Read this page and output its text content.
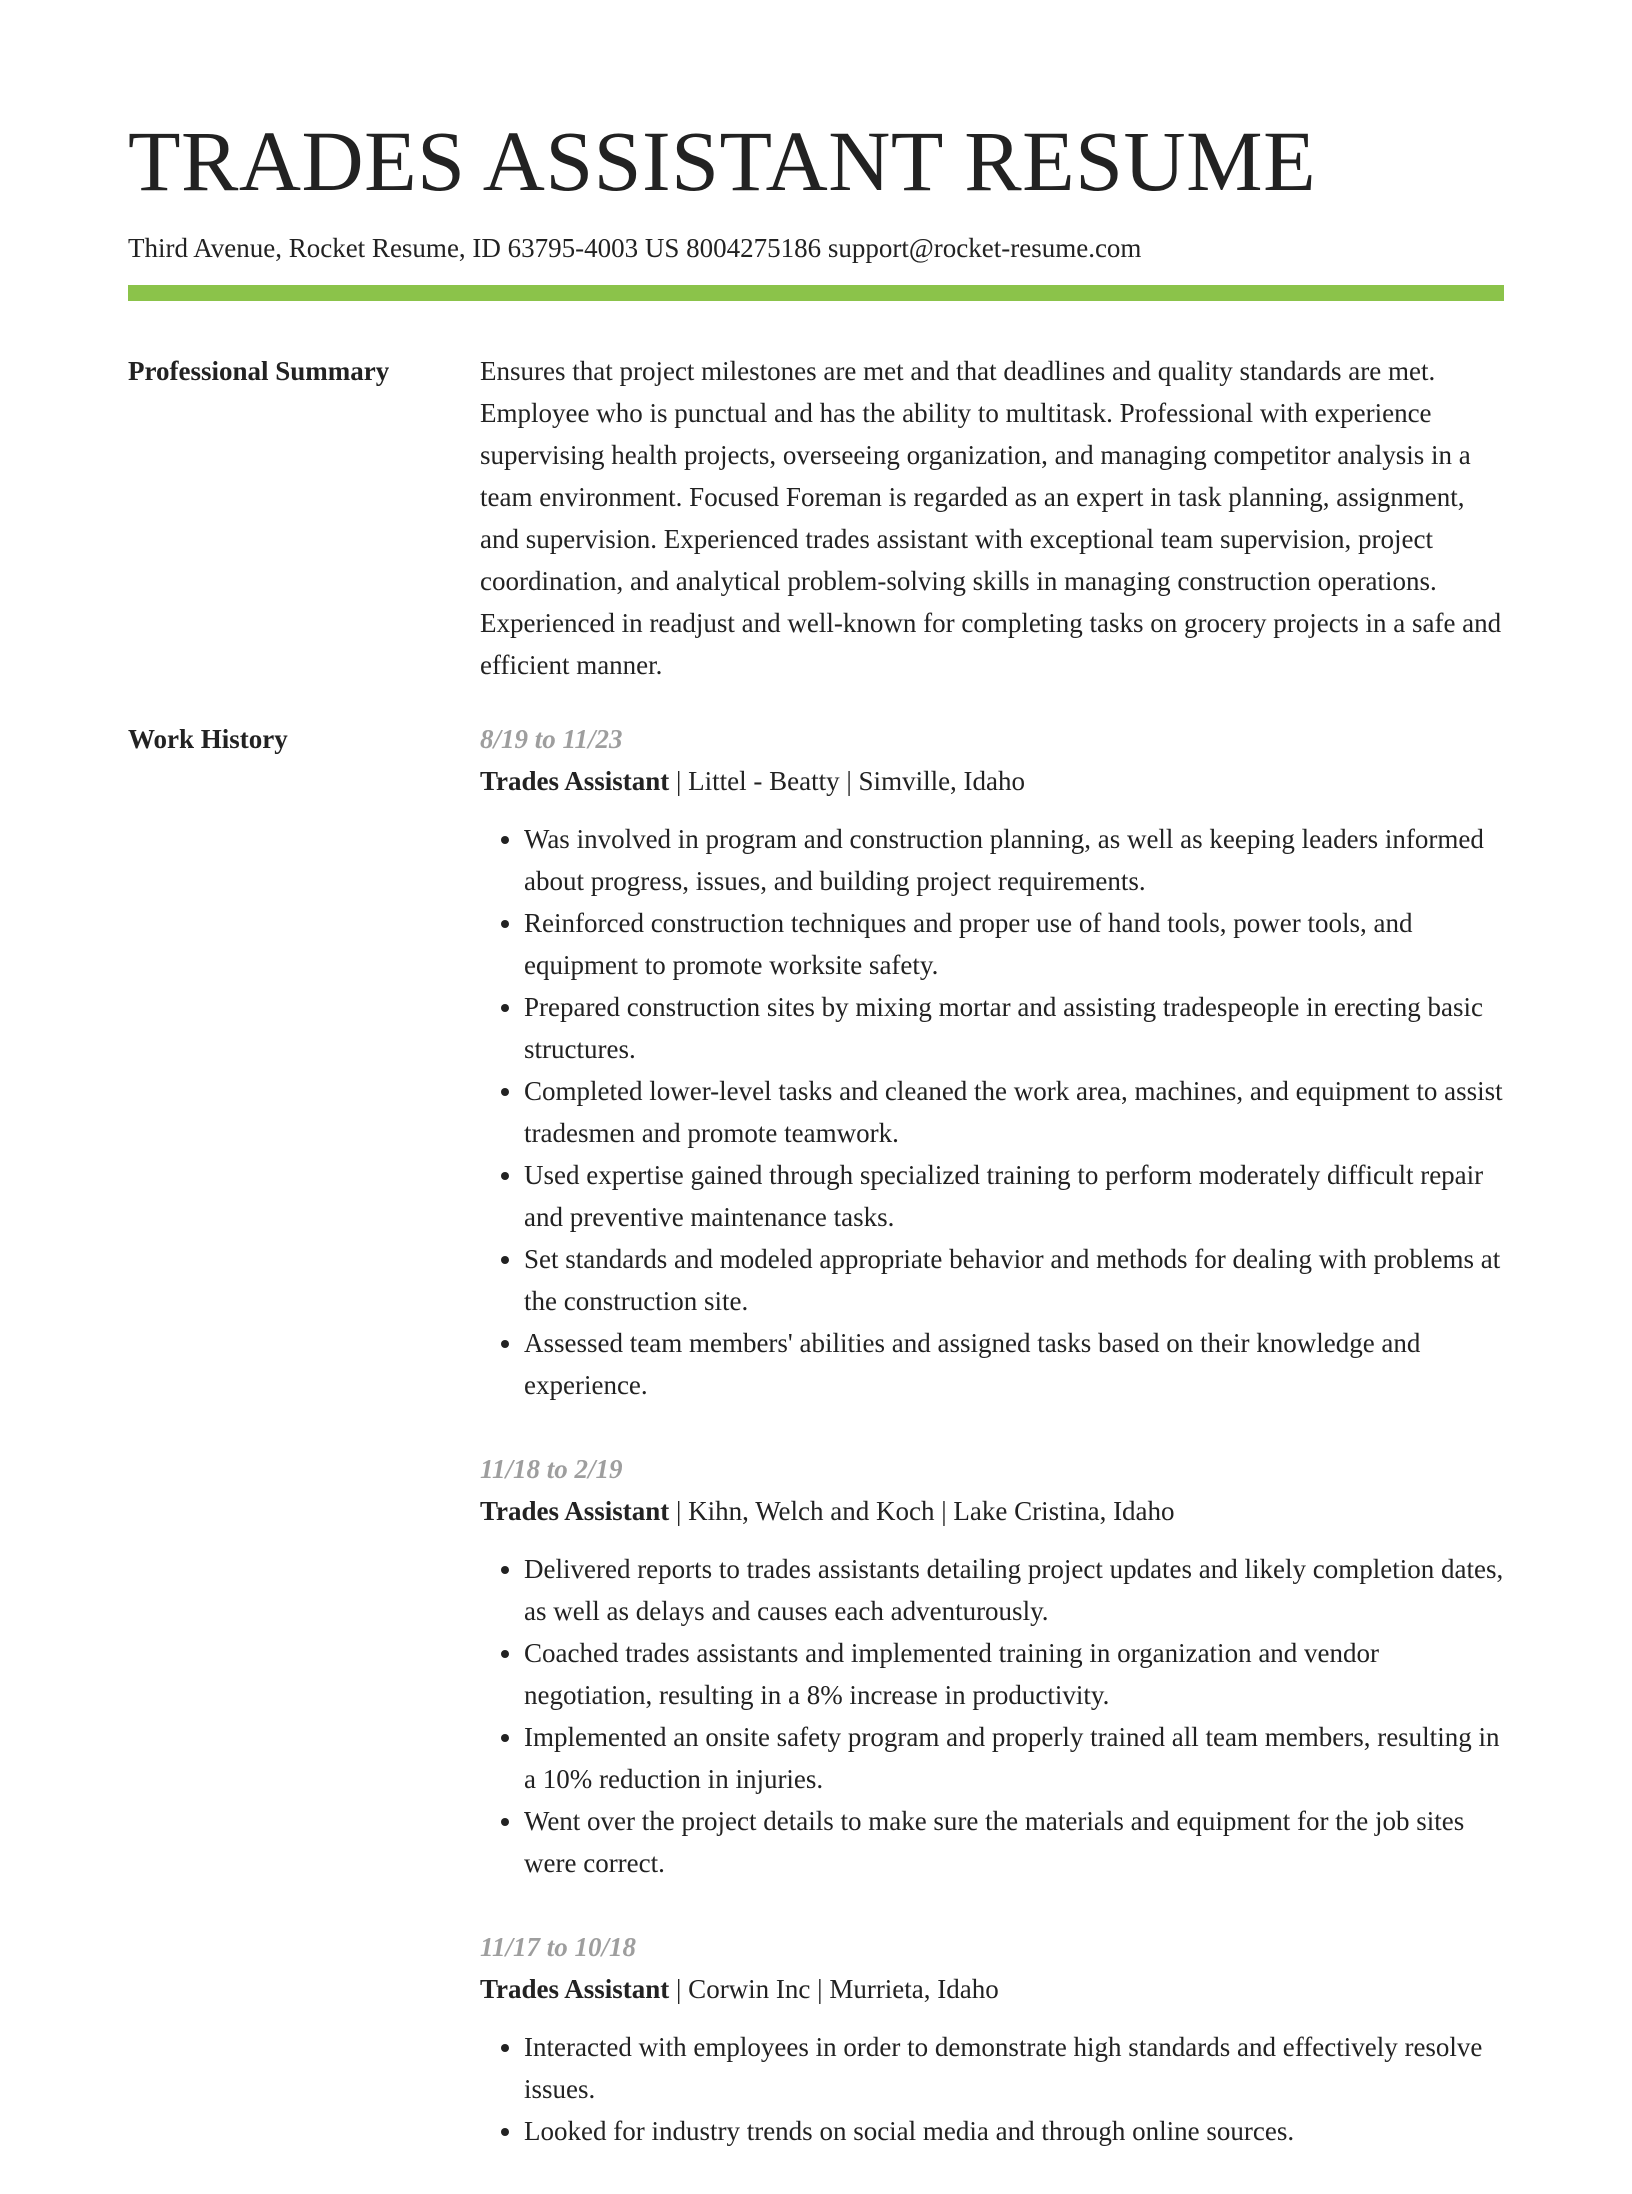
TRADES ASSISTANT RESUME
Third Avenue, Rocket Resume, ID 63795-4003 US 8004275186 support@rocket-resume.com
Professional Summary	Ensures that project milestones are met and that deadlines and quality standards are met. Employee who is punctual and has the ability to multitask. Professional with experience supervising health projects, overseeing organization, and managing competitor analysis in a team environment. Focused Foreman is regarded as an expert in task planning, assignment, and supervision. Experienced trades assistant with exceptional team supervision, project coordination, and analytical problem-solving skills in managing construction operations. Experienced in readjust and well-known for completing tasks on grocery projects in a safe and efficient manner.

Work History	8/19 to 11/23
Trades Assistant | Littel - Beatty | Simville, Idaho
• Was involved in program and construction planning, as well as keeping leaders informed about progress, issues, and building project requirements.
• Reinforced construction techniques and proper use of hand tools, power tools, and equipment to promote worksite safety.
• Prepared construction sites by mixing mortar and assisting tradespeople in erecting basic structures.
• Completed lower-level tasks and cleaned the work area, machines, and equipment to assist tradesmen and promote teamwork.
• Used expertise gained through specialized training to perform moderately difficult repair and preventive maintenance tasks.
• Set standards and modeled appropriate behavior and methods for dealing with problems at the construction site.
• Assessed team members' abilities and assigned tasks based on their knowledge and experience.
11/18 to 2/19
Trades Assistant | Kihn, Welch and Koch | Lake Cristina, Idaho
• Delivered reports to trades assistants detailing project updates and likely completion dates, as well as delays and causes each adventurously.
• Coached trades assistants and implemented training in organization and vendor negotiation, resulting in a 8% increase in productivity.
• Implemented an onsite safety program and properly trained all team members, resulting in a 10% reduction in injuries.
• Went over the project details to make sure the materials and equipment for the job sites were correct.
11/17 to 10/18
Trades Assistant | Corwin Inc | Murrieta, Idaho
• Interacted with employees in order to demonstrate high standards and effectively resolve issues.
• Looked for industry trends on social media and through online sources.
